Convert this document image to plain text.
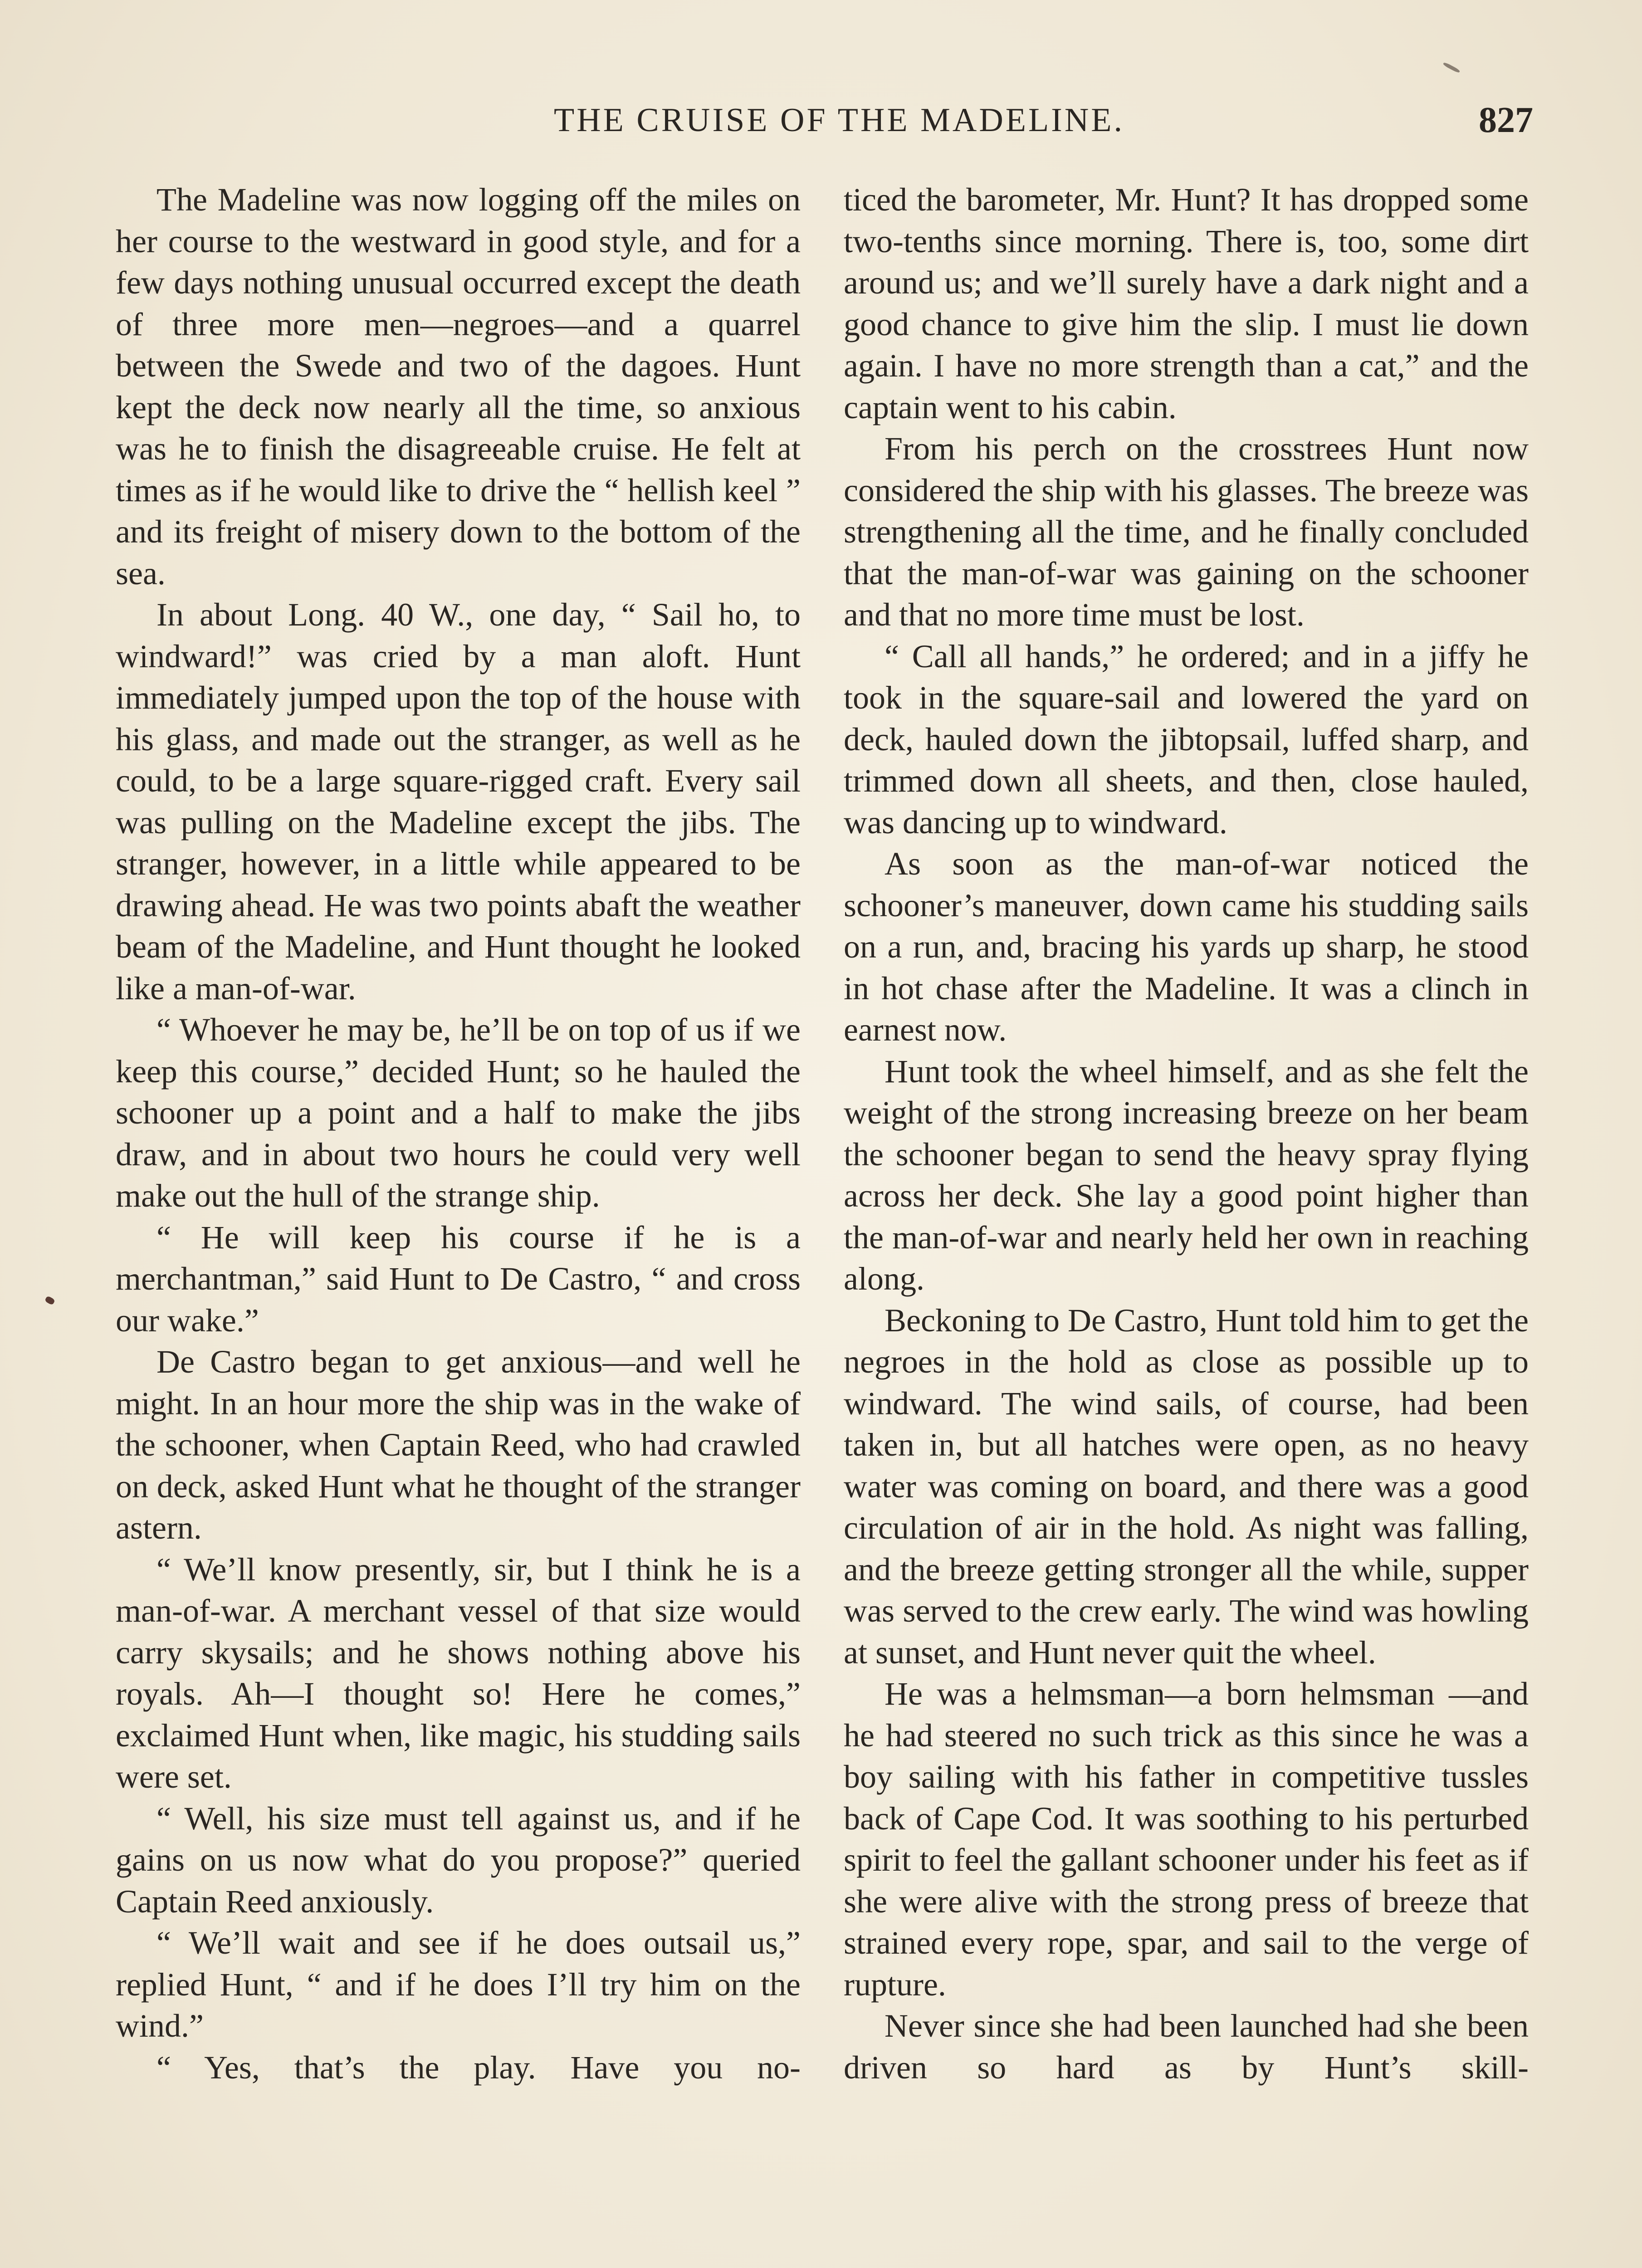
THE CRUISE OF THE MADELINE.	827

The Madeline was now logging off the miles on her course to the westward in good style, and for a few days nothing unusual occurred except the death of three more men—negroes—and a quarrel between the Swede and two of the dagoes. Hunt kept the deck now nearly all the time, so anxious was he to finish the disagreeable cruise. He felt at times as if he would like to drive the “ hellish keel ” and its freight of misery down to the bottom of the sea.

In about Long. 40 W., one day, “ Sail ho, to windward!” was cried by a man aloft. Hunt immediately jumped upon the top of the house with his glass, and made out the stranger, as well as he could, to be a large square-rigged craft. Every sail was pulling on the Madeline except the jibs. The stranger, however, in a little while appeared to be drawing ahead. He was two points abaft the weather beam of the Madeline, and Hunt thought he looked like a man-of-war.

“ Whoever he may be, he’ll be on top of us if we keep this course,” decided Hunt; so he hauled the schooner up a point and a half to make the jibs draw, and in about two hours he could very well make out the hull of the strange ship.

“ He will keep his course if he is a merchantman,” said Hunt to De Castro, “ and cross our wake.”

De Castro began to get anxious—and well he might. In an hour more the ship was in the wake of the schooner, when Captain Reed, who had crawled on deck, asked Hunt what he thought of the stranger astern.

“ We’ll know presently, sir, but I think he is a man-of-war. A merchant vessel of that size would carry skysails; and he shows nothing above his royals. Ah—I thought so! Here he comes,” exclaimed Hunt when, like magic, his studding sails were set.

“ Well, his size must tell against us, and if he gains on us now what do you propose?” queried Captain Reed anxiously.

“ We’ll wait and see if he does outsail us,” replied Hunt, “ and if he does I’ll try him on the wind.”

“ Yes, that’s the play. Have you no-

ticed the barometer, Mr. Hunt? It has dropped some two-tenths since morning. There is, too, some dirt around us; and we’ll surely have a dark night and a good chance to give him the slip. I must lie down again. I have no more strength than a cat,” and the captain went to his cabin.

From his perch on the crosstrees Hunt now considered the ship with his glasses. The breeze was strengthening all the time, and he finally concluded that the man-of-war was gaining on the schooner and that no more time must be lost.

“ Call all hands,” he ordered; and in a jiffy he took in the square-sail and lowered the yard on deck, hauled down the jibtopsail, luffed sharp, and trimmed down all sheets, and then, close hauled, was dancing up to windward.

As soon as the man-of-war noticed the schooner’s maneuver, down came his studding sails on a run, and, bracing his yards up sharp, he stood in hot chase after the Madeline. It was a clinch in earnest now.

Hunt took the wheel himself, and as she felt the weight of the strong increasing breeze on her beam the schooner began to send the heavy spray flying across her deck. She lay a good point higher than the man-of-war and nearly held her own in reaching along.

Beckoning to De Castro, Hunt told him to get the negroes in the hold as close as possible up to windward. The wind sails, of course, had been taken in, but all hatches were open, as no heavy water was coming on board, and there was a good circulation of air in the hold. As night was falling, and the breeze getting stronger all the while, supper was served to the crew early. The wind was howling at sunset, and Hunt never quit the wheel.

He was a helmsman—a born helmsman —and he had steered no such trick as this since he was a boy sailing with his father in competitive tussles back of Cape Cod. It was soothing to his perturbed spirit to feel the gallant schooner under his feet as if she were alive with the strong press of breeze that strained every rope, spar, and sail to the verge of rupture.

Never since she had been launched had she been driven so hard as by Hunt’s skill-
